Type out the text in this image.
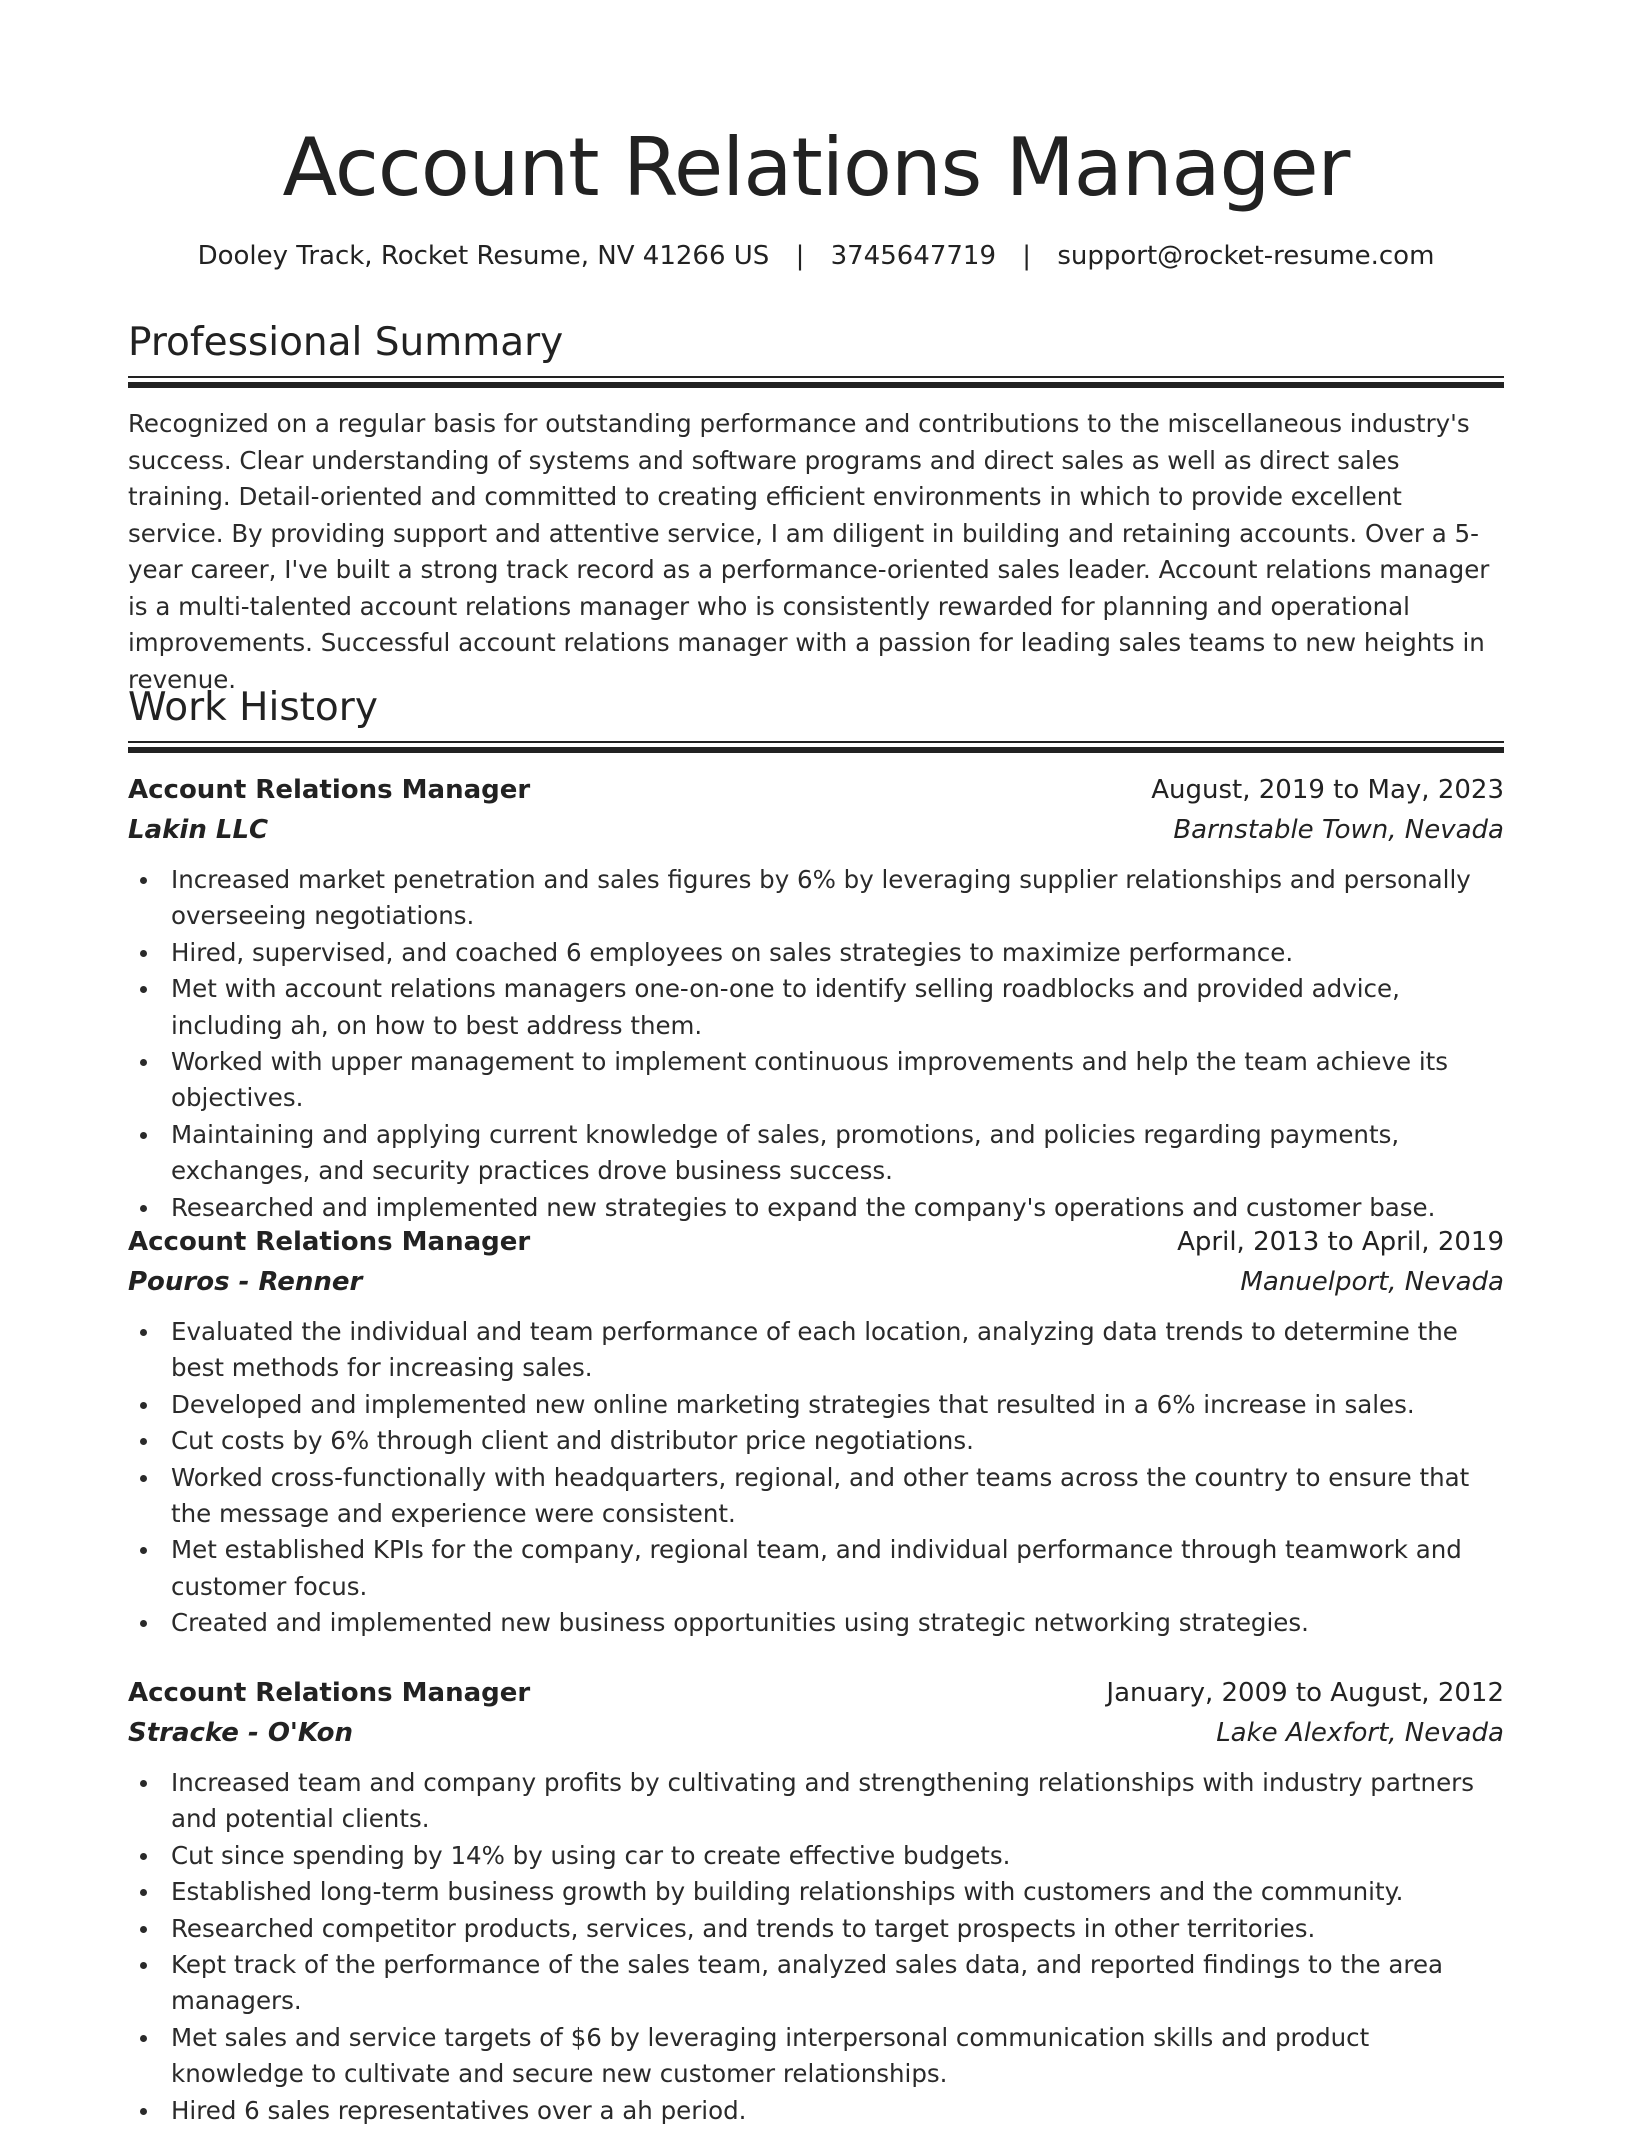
Account Relations Manager
Dooley Track, Rocket Resume, NV 41266 US | 3745647719 | support@rocket-resume.com
Professional Summary

Recognized on a regular basis for outstanding performance and contributions to the miscellaneous industry's success. Clear understanding of systems and software programs and direct sales as well as direct sales training. Detail-oriented and committed to creating efficient environments in which to provide excellent service. By providing support and attentive service, I am diligent in building and retaining accounts. Over a 5-year career, I've built a strong track record as a performance-oriented sales leader. Account relations manager is a multi-talented account relations manager who is consistently rewarded for planning and operational improvements. Successful account relations manager with a passion for leading sales teams to new heights in revenue.

Work History
Account Relations Manager	August, 2019 to May, 2023
Lakin LLC	Barnstable Town, Nevada
Increased market penetration and sales figures by 6% by leveraging supplier relationships and personally overseeing negotiations.
Hired, supervised, and coached 6 employees on sales strategies to maximize performance.
Met with account relations managers one-on-one to identify selling roadblocks and provided advice, including ah, on how to best address them.
Worked with upper management to implement continuous improvements and help the team achieve its objectives.
Maintaining and applying current knowledge of sales, promotions, and policies regarding payments, exchanges, and security practices drove business success.
Researched and implemented new strategies to expand the company's operations and customer base.
Account Relations Manager	April, 2013 to April, 2019
Pouros - Renner	Manuelport, Nevada
Evaluated the individual and team performance of each location, analyzing data trends to determine the best methods for increasing sales.
Developed and implemented new online marketing strategies that resulted in a 6% increase in sales.
Cut costs by 6% through client and distributor price negotiations.
Worked cross-functionally with headquarters, regional, and other teams across the country to ensure that the message and experience were consistent.
Met established KPIs for the company, regional team, and individual performance through teamwork and customer focus.
Created and implemented new business opportunities using strategic networking strategies.
Account Relations Manager	January, 2009 to August, 2012
Stracke - O'Kon	Lake Alexfort, Nevada
Increased team and company profits by cultivating and strengthening relationships with industry partners and potential clients.
Cut since spending by 14% by using car to create effective budgets.
Established long-term business growth by building relationships with customers and the community.
Researched competitor products, services, and trends to target prospects in other territories.
Kept track of the performance of the sales team, analyzed sales data, and reported findings to the area managers.
Met sales and service targets of $6 by leveraging interpersonal communication skills and product knowledge to cultivate and secure new customer relationships.
Hired 6 sales representatives over a ah period.
